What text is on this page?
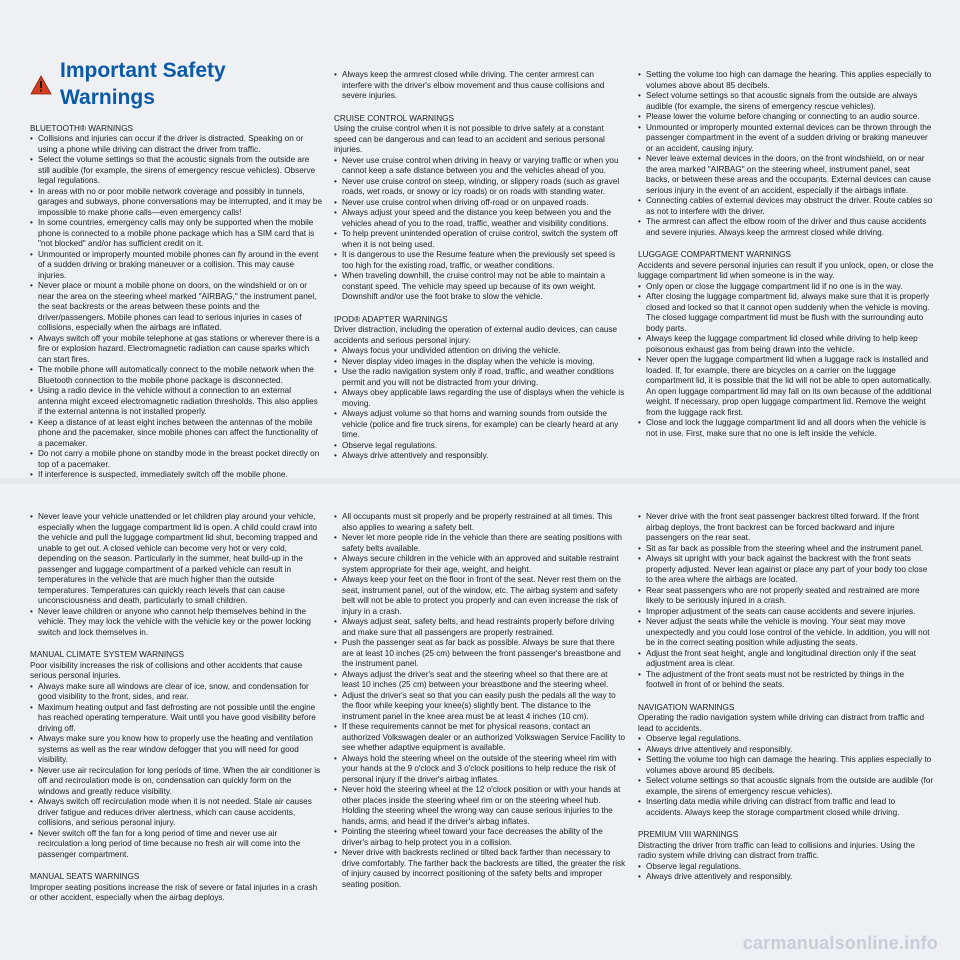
Important Safety Warnings

BLUETOOTH® WARNINGS

• Collisions and injuries can occur if the driver is distracted. Speaking on or using a phone while driving can distract the driver from traffic.
• Select the volume settings so that the acoustic signals from the outside are still audible (for example, the sirens of emergency rescue vehicles). Observe legal regulations.
• In areas with no or poor mobile network coverage and possibly in tunnels, garages and subways, phone conversations may be interrupted, and it may be impossible to make phone calls—even emergency calls!
• In some countries, emergency calls may only be supported when the mobile phone is connected to a mobile phone package which has a SIM card that is "not blocked" and/or has sufficient credit on it.
• Unmounted or improperly mounted mobile phones can fly around in the event of a sudden driving or braking maneuver or a collision. This may cause injuries.
• Never place or mount a mobile phone on doors, on the windshield or on or near the area on the steering wheel marked "AIRBAG," the instrument panel, the seat backrests or the areas between these points and the driver/passengers. Mobile phones can lead to serious injuries in cases of collisions, especially when the airbags are inflated.
• Always switch off your mobile telephone at gas stations or wherever there is a fire or explosion hazard. Electromagnetic radiation can cause sparks which can start fires.
• The mobile phone will automatically connect to the mobile network when the Bluetooth connection to the mobile phone package is disconnected.
• Using a radio device in the vehicle without a connection to an external antenna might exceed electromagnetic radiation thresholds. This also applies if the external antenna is not installed properly.
• Keep a distance of at least eight inches between the antennas of the mobile phone and the pacemaker, since mobile phones can affect the functionality of a pacemaker.
• Do not carry a mobile phone on standby mode in the breast pocket directly on top of a pacemaker.
• If interference is suspected, immediately switch off the mobile phone.
• Always keep the armrest closed while driving. The center armrest can interfere with the driver's elbow movement and thus cause collisions and severe injuries.

CRUISE CONTROL WARNINGS

Using the cruise control when it is not possible to drive safely at a constant speed can be dangerous and can lead to an accident and serious personal injuries.

• Never use cruise control when driving in heavy or varying traffic or when you cannot keep a safe distance between you and the vehicles ahead of you.
• Never use cruise control on steep, winding, or slippery roads (such as gravel roads, wet roads, or snowy or icy roads) or on roads with standing water.
• Never use cruise control when driving off-road or on unpaved roads.
• Always adjust your speed and the distance you keep between you and the vehicles ahead of you to the road, traffic, weather and visibility conditions.
• To help prevent unintended operation of cruise control, switch the system off when it is not being used.
• It is dangerous to use the Resume feature when the previously set speed is too high for the existing road, traffic, or weather conditions.
• When traveling downhill, the cruise control may not be able to maintain a constant speed. The vehicle may speed up because of its own weight. Downshift and/or use the foot brake to slow the vehicle.

IPOD® ADAPTER WARNINGS

Driver distraction, including the operation of external audio devices, can cause accidents and serious personal injury.

• Always focus your undivided attention on driving the vehicle.
• Never display video images in the display when the vehicle is moving.
• Use the radio navigation system only if road, traffic, and weather conditions permit and you will not be distracted from your driving.
• Always obey applicable laws regarding the use of displays when the vehicle is moving.
• Always adjust volume so that horns and warning sounds from outside the vehicle (police and fire truck sirens, for example) can be clearly heard at any time.
• Observe legal regulations.
• Always drive attentively and responsibly.
• Setting the volume too high can damage the hearing. This applies especially to volumes above about 85 decibels.
• Select volume settings so that acoustic signals from the outside are always audible (for example, the sirens of emergency rescue vehicles).
• Please lower the volume before changing or connecting to an audio source.
• Unmounted or improperly mounted external devices can be thrown through the passenger compartment in the event of a sudden driving or braking maneuver or an accident, causing injury.
• Never leave external devices in the doors, on the front windshield, on or near the area marked "AIRBAG" on the steering wheel, instrument panel, seat backs, or between these areas and the occupants. External devices can cause serious injury in the event of an accident, especially if the airbags inflate.
• Connecting cables of external devices may obstruct the driver. Route cables so as not to interfere with the driver.
• The armrest can affect the elbow room of the driver and thus cause accidents and severe injuries. Always keep the armrest closed while driving.

LUGGAGE COMPARTMENT WARNINGS

Accidents and severe personal injuries can result if you unlock, open, or close the luggage compartment lid when someone is in the way.

• Only open or close the luggage compartment lid if no one is in the way.
• After closing the luggage compartment lid, always make sure that it is properly closed and locked so that it cannot open suddenly when the vehicle is moving. The closed luggage compartment lid must be flush with the surrounding auto body parts.
• Always keep the luggage compartment lid closed while driving to help keep poisonous exhaust gas from being drawn into the vehicle.
• Never open the luggage compartment lid when a luggage rack is installed and loaded. If, for example, there are bicycles on a carrier on the luggage compartment lid, it is possible that the lid will not be able to open automatically. An open luggage compartment lid may fall on its own because of the additional weight. If necessary, prop open luggage compartment lid. Remove the weight from the luggage rack first.
• Close and lock the luggage compartment lid and all doors when the vehicle is not in use. First, make sure that no one is left inside the vehicle.
• Never leave your vehicle unattended or let children play around your vehicle, especially when the luggage compartment lid is open. A child could crawl into the vehicle and pull the luggage compartment lid shut, becoming trapped and unable to get out. A closed vehicle can become very hot or very cold, depending on the season. Particularly in the summer, heat build-up in the passenger and luggage compartment of a parked vehicle can result in temperatures in the vehicle that are much higher than the outside temperatures. Temperatures can quickly reach levels that can cause unconsciousness and death, particularly to small children.
• Never leave children or anyone who cannot help themselves behind in the vehicle. They may lock the vehicle with the vehicle key or the power locking switch and lock themselves in.

MANUAL CLIMATE SYSTEM WARNINGS

Poor visibility increases the risk of collisions and other accidents that cause serious personal injuries.

• Always make sure all windows are clear of ice, snow, and condensation for good visibility to the front, sides, and rear.
• Maximum heating output and fast defrosting are not possible until the engine has reached operating temperature. Wait until you have good visibility before driving off.
• Always make sure you know how to properly use the heating and ventilation systems as well as the rear window defogger that you will need for good visibility.
• Never use air recirculation for long periods of time. When the air conditioner is off and recirculation mode is on, condensation can quickly form on the windows and greatly reduce visibility.
• Always switch off recirculation mode when it is not needed. Stale air causes driver fatigue and reduces driver alertness, which can cause accidents, collisions, and serious personal injury.
• Never switch off the fan for a long period of time and never use air recirculation a long period of time because no fresh air will come into the passenger compartment.

MANUAL SEATS WARNINGS

Improper seating positions increase the risk of severe or fatal injuries in a crash or other accident, especially when the airbag deploys.

• All occupants must sit properly and be properly restrained at all times. This also applies to wearing a safety belt.
• Never let more people ride in the vehicle than there are seating positions with safety belts available.
• Always secure children in the vehicle with an approved and suitable restraint system appropriate for their age, weight, and height.
• Always keep your feet on the floor in front of the seat. Never rest them on the seat, instrument panel, out of the window, etc. The airbag system and safety belt will not be able to protect you properly and can even increase the risk of injury in a crash.
• Always adjust seat, safety belts, and head restraints properly before driving and make sure that all passengers are properly restrained.
• Push the passenger seat as far back as possible. Always be sure that there are at least 10 inches (25 cm) between the front passenger's breastbone and the instrument panel.
• Always adjust the driver's seat and the steering wheel so that there are at least 10 inches (25 cm) between your breastbone and the steering wheel.
• Adjust the driver's seat so that you can easily push the pedals all the way to the floor while keeping your knee(s) slightly bent. The distance to the instrument panel in the knee area must be at least 4 inches (10 cm).
• If these requirements cannot be met for physical reasons, contact an authorized Volkswagen dealer or an authorized Volkswagen Service Facility to see whether adaptive equipment is available.
• Always hold the steering wheel on the outside of the steering wheel rim with your hands at the 9 o'clock and 3 o'clock positions to help reduce the risk of personal injury if the driver's airbag inflates.
• Never hold the steering wheel at the 12 o'clock position or with your hands at other places inside the steering wheel rim or on the steering wheel hub. Holding the steering wheel the wrong way can cause serious injuries to the hands, arms, and head if the driver's airbag inflates.
• Pointing the steering wheel toward your face decreases the ability of the driver's airbag to help protect you in a collision.
• Never drive with backrests reclined or tilted back farther than necessary to drive comfortably. The farther back the backrests are tilted, the greater the risk of injury caused by incorrect positioning of the safety belts and improper seating position.
• Never drive with the front seat passenger backrest tilted forward. If the front airbag deploys, the front backrest can be forced backward and injure passengers on the rear seat.
• Sit as far back as possible from the steering wheel and the instrument panel.
• Always sit upright with your back against the backrest with the front seats properly adjusted. Never lean against or place any part of your body too close to the area where the airbags are located.
• Rear seat passengers who are not properly seated and restrained are more likely to be seriously injured in a crash.
• Improper adjustment of the seats can cause accidents and severe injuries.
• Never adjust the seats while the vehicle is moving. Your seat may move unexpectedly and you could lose control of the vehicle. In addition, you will not be in the correct seating position while adjusting the seats.
• Adjust the front seat height, angle and longitudinal direction only if the seat adjustment area is clear.
• The adjustment of the front seats must not be restricted by things in the footwell in front of or behind the seats.

NAVIGATION WARNINGS

Operating the radio navigation system while driving can distract from traffic and lead to accidents.

• Observe legal regulations.
• Always drive attentively and responsibly.
• Setting the volume too high can damage the hearing. This applies especially to volumes above around 85 decibels.
• Select volume settings so that acoustic signals from the outside are audible (for example, the sirens of emergency rescue vehicles).
• Inserting data media while driving can distract from traffic and lead to accidents. Always keep the storage compartment closed while driving.

PREMIUM VIII WARNINGS

Distracting the driver from traffic can lead to collisions and injuries. Using the radio system while driving can distract from traffic.

• Observe legal regulations.
• Always drive attentively and responsibly.
carmanualsonline.info
